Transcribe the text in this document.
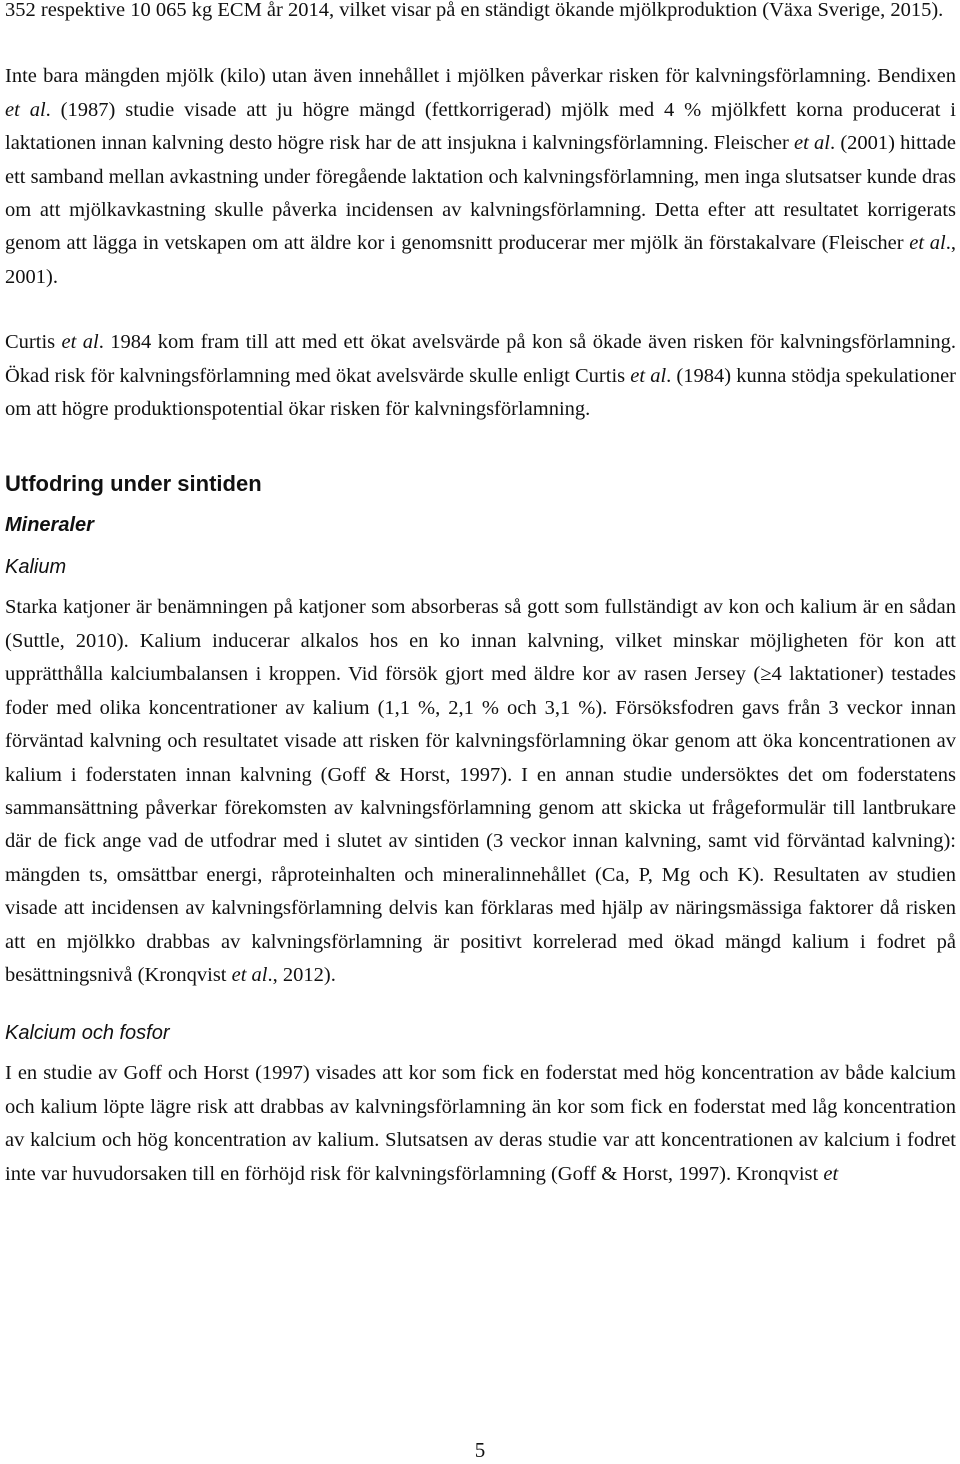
352 respektive 10 065 kg ECM år 2014, vilket visar på en ständigt ökande mjölkproduktion (Växa Sverige, 2015).

Inte bara mängden mjölk (kilo) utan även innehållet i mjölken påverkar risken för kalvningsförlamning. Bendixen et al. (1987) studie visade att ju högre mängd (fettkorrigerad) mjölk med 4 % mjölkfett korna producerat i laktationen innan kalvning desto högre risk har de att insjukna i kalvningsförlamning. Fleischer et al. (2001) hittade ett samband mellan avkastning under föregående laktation och kalvningsförlamning, men inga slutsatser kunde dras om att mjölkavkastning skulle påverka incidensen av kalvningsförlamning. Detta efter att resultatet korrigerats genom att lägga in vetskapen om att äldre kor i genomsnitt producerar mer mjölk än förstakalvare (Fleischer et al., 2001).

Curtis et al. 1984 kom fram till att med ett ökat avelsvärde på kon så ökade även risken för kalvningsförlamning. Ökad risk för kalvningsförlamning med ökat avelsvärde skulle enligt Curtis et al. (1984) kunna stödja spekulationer om att högre produktionspotential ökar risken för kalvningsförlamning.

Utfodring under sintiden
Mineraler
Kalium

Starka katjoner är benämningen på katjoner som absorberas så gott som fullständigt av kon och kalium är en sådan (Suttle, 2010). Kalium inducerar alkalos hos en ko innan kalvning, vilket minskar möjligheten för kon att upprätthålla kalciumbalansen i kroppen. Vid försök gjort med äldre kor av rasen Jersey (≥4 laktationer) testades foder med olika koncentrationer av kalium (1,1 %, 2,1 % och 3,1 %). Försöksfodren gavs från 3 veckor innan förväntad kalvning och resultatet visade att risken för kalvningsförlamning ökar genom att öka koncentrationen av kalium i foderstaten innan kalvning (Goff & Horst, 1997). I en annan studie undersöktes det om foderstatens sammansättning påverkar förekomsten av kalvningsförlamning genom att skicka ut frågeformulär till lantbrukare där de fick ange vad de utfodrar med i slutet av sintiden (3 veckor innan kalvning, samt vid förväntad kalvning): mängden ts, omsättbar energi, råproteinhalten och mineralinnehållet (Ca, P, Mg och K). Resultaten av studien visade att incidensen av kalvningsförlamning delvis kan förklaras med hjälp av näringsmässiga faktorer då risken att en mjölkko drabbas av kalvningsförlamning är positivt korrelerad med ökad mängd kalium i fodret på besättningsnivå (Kronqvist et al., 2012).

Kalcium och fosfor

I en studie av Goff och Horst (1997) visades att kor som fick en foderstat med hög koncentration av både kalcium och kalium löpte lägre risk att drabbas av kalvningsförlamning än kor som fick en foderstat med låg koncentration av kalcium och hög koncentration av kalium. Slutsatsen av deras studie var att koncentrationen av kalcium i fodret inte var huvudorsaken till en förhöjd risk för kalvningsförlamning (Goff & Horst, 1997). Kronqvist et

5
